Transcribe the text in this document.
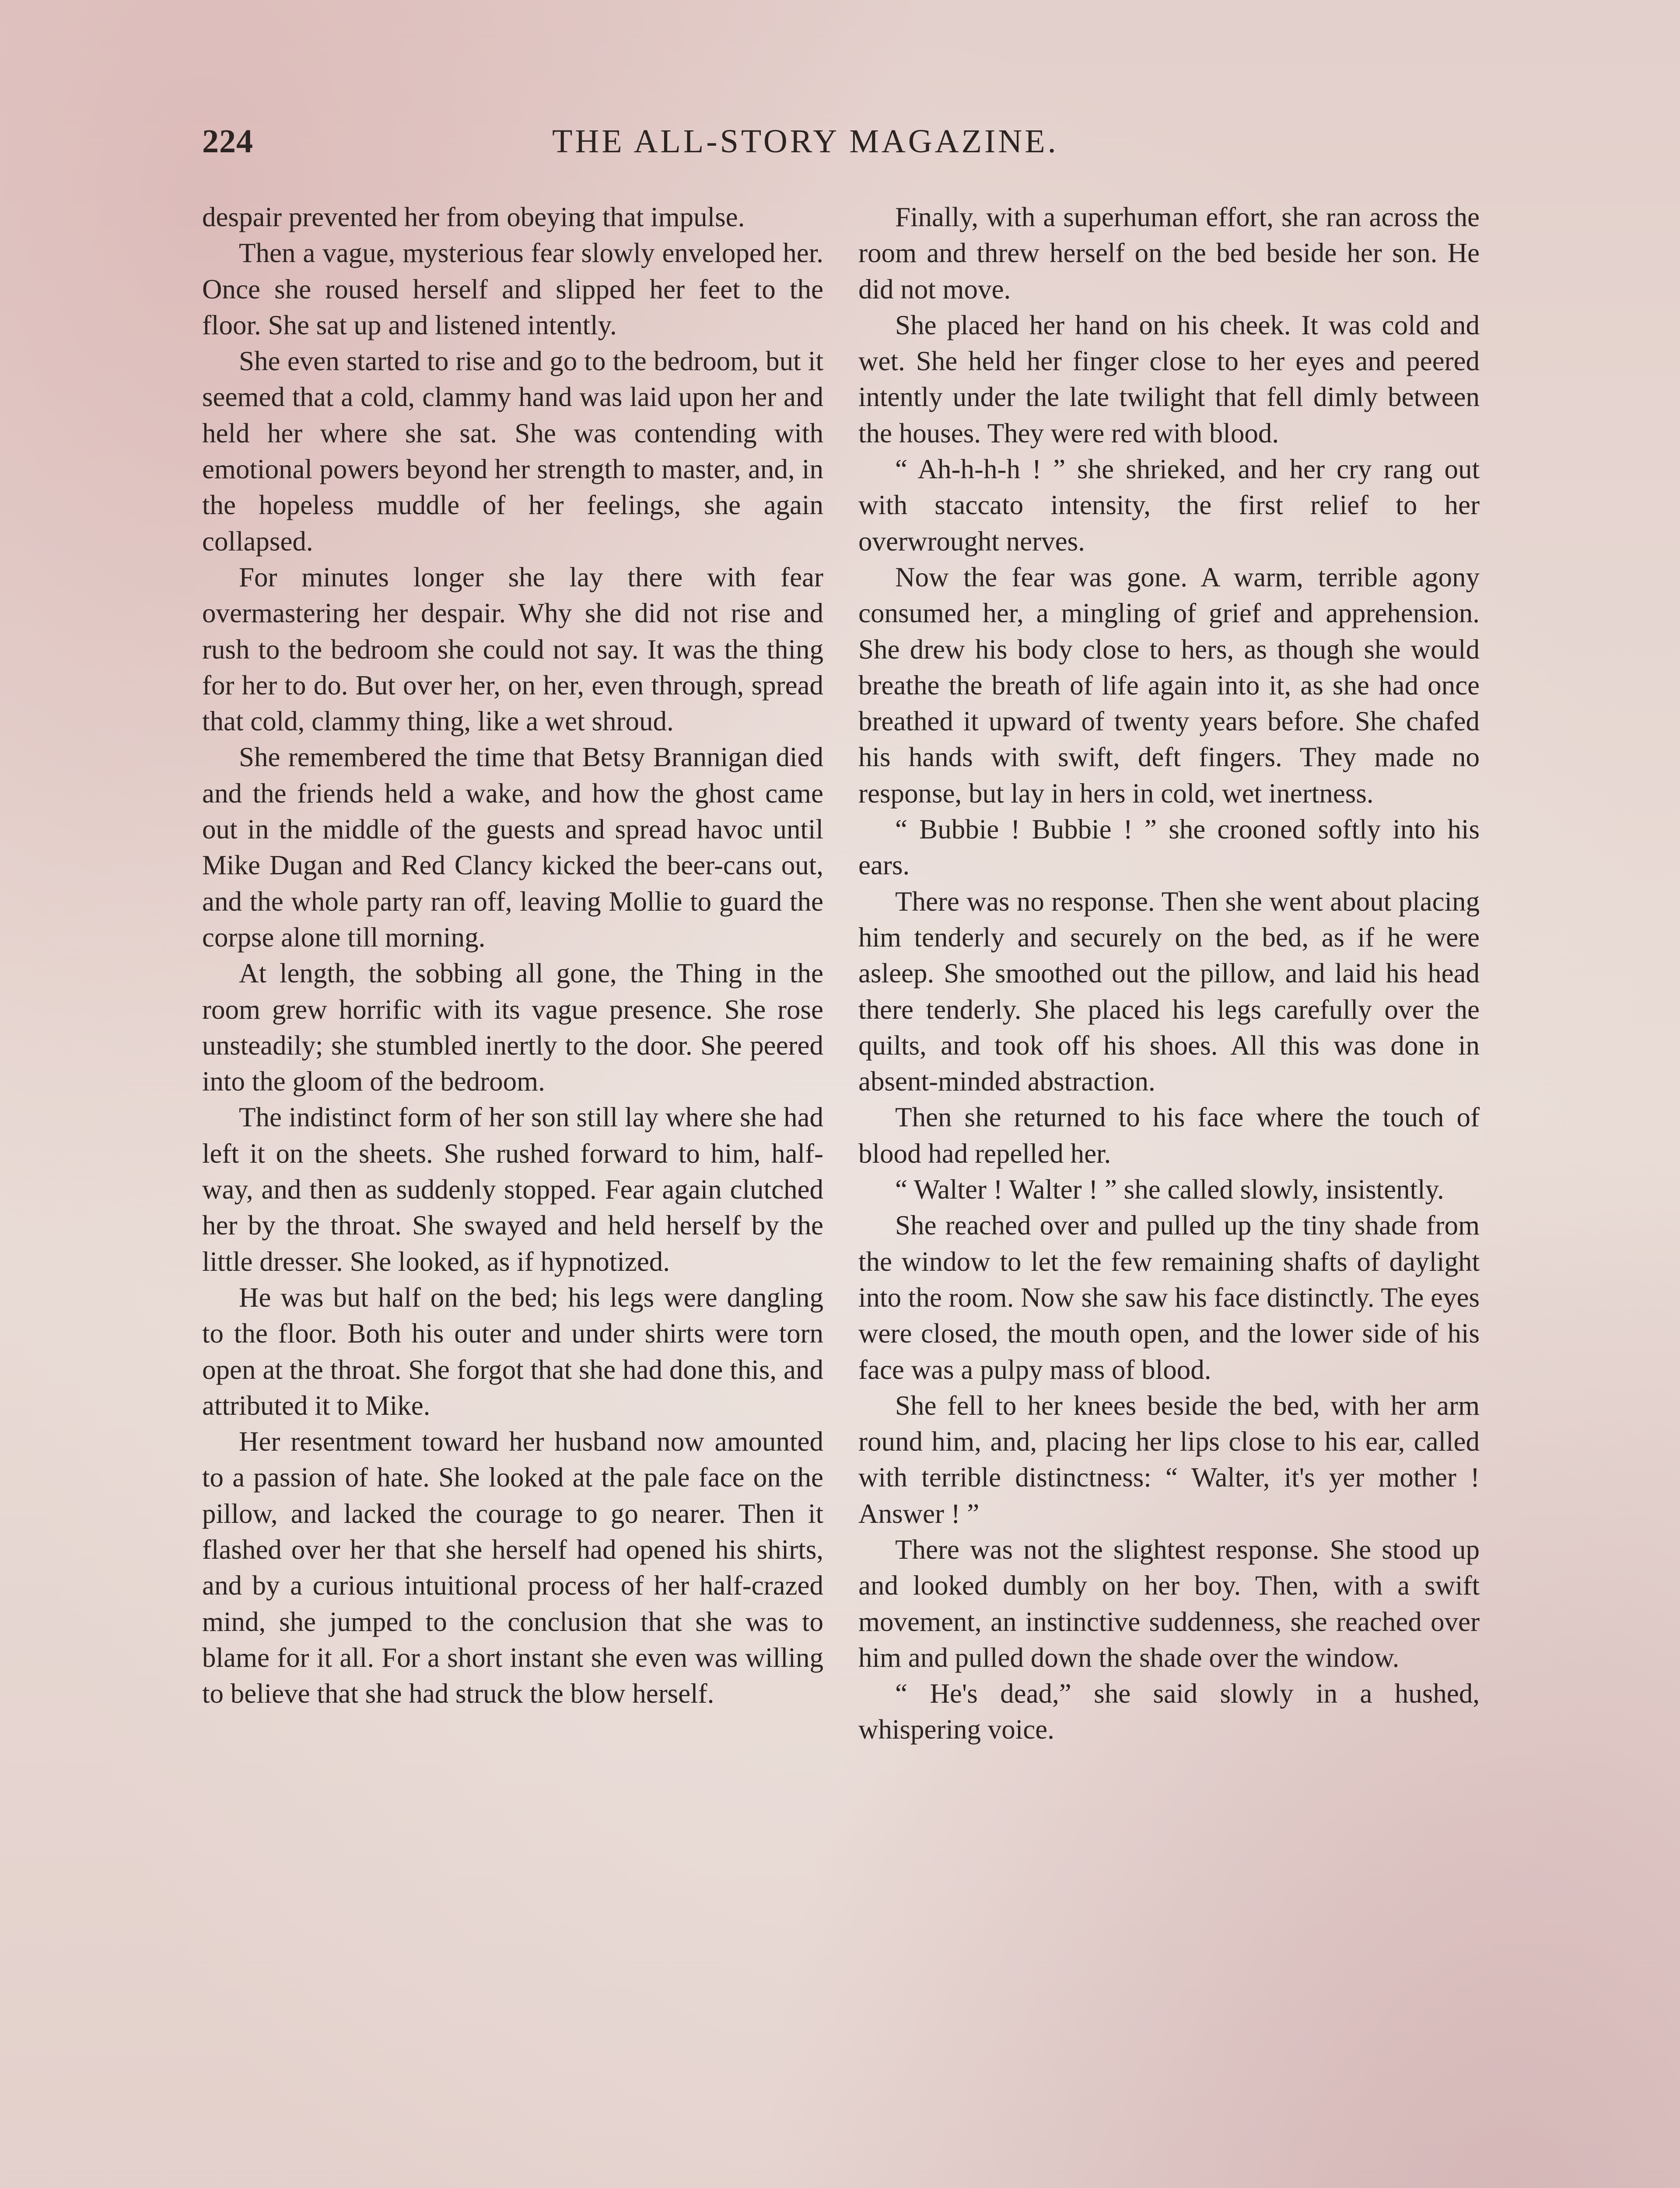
224	THE ALL-STORY MAGAZINE.

despair prevented her from obeying that impulse.

Then a vague, mysterious fear slowly enveloped her. Once she roused herself and slipped her feet to the floor. She sat up and listened intently.

She even started to rise and go to the bedroom, but it seemed that a cold, clammy hand was laid upon her and held her where she sat. She was contending with emotional powers beyond her strength to master, and, in the hopeless muddle of her feelings, she again collapsed.

For minutes longer she lay there with fear overmastering her despair. Why she did not rise and rush to the bedroom she could not say. It was the thing for her to do. But over her, on her, even through, spread that cold, clammy thing, like a wet shroud.

She remembered the time that Betsy Brannigan died and the friends held a wake, and how the ghost came out in the middle of the guests and spread havoc until Mike Dugan and Red Clancy kicked the beer-cans out, and the whole party ran off, leaving Mollie to guard the corpse alone till morning.

At length, the sobbing all gone, the Thing in the room grew horrific with its vague presence. She rose unsteadily; she stumbled inertly to the door. She peered into the gloom of the bedroom.

The indistinct form of her son still lay where she had left it on the sheets. She rushed forward to him, half-way, and then as suddenly stopped. Fear again clutched her by the throat. She swayed and held herself by the little dresser. She looked, as if hypnotized.

He was but half on the bed; his legs were dangling to the floor. Both his outer and under shirts were torn open at the throat. She forgot that she had done this, and attributed it to Mike.

Her resentment toward her husband now amounted to a passion of hate. She looked at the pale face on the pillow, and lacked the courage to go nearer. Then it flashed over her that she herself had opened his shirts, and by a curious intuitional process of her half-crazed mind, she jumped to the conclusion that she was to blame for it all. For a short instant she even was willing to believe that she had struck the blow herself.

Finally, with a superhuman effort, she ran across the room and threw herself on the bed beside her son. He did not move.

She placed her hand on his cheek. It was cold and wet. She held her finger close to her eyes and peered intently under the late twilight that fell dimly between the houses. They were red with blood.

“ Ah-h-h-h ! ” she shrieked, and her cry rang out with staccato intensity, the first relief to her overwrought nerves.

Now the fear was gone. A warm, terrible agony consumed her, a mingling of grief and apprehension. She drew his body close to hers, as though she would breathe the breath of life again into it, as she had once breathed it upward of twenty years before. She chafed his hands with swift, deft fingers. They made no response, but lay in hers in cold, wet inertness.

“ Bubbie ! Bubbie ! ” she crooned softly into his ears.

There was no response. Then she went about placing him tenderly and securely on the bed, as if he were asleep. She smoothed out the pillow, and laid his head there tenderly. She placed his legs carefully over the quilts, and took off his shoes. All this was done in absent-minded abstraction.

Then she returned to his face where the touch of blood had repelled her.

“ Walter ! Walter ! ” she called slowly, insistently.

She reached over and pulled up the tiny shade from the window to let the few remaining shafts of daylight into the room. Now she saw his face distinctly. The eyes were closed, the mouth open, and the lower side of his face was a pulpy mass of blood.

She fell to her knees beside the bed, with her arm round him, and, placing her lips close to his ear, called with terrible distinctness: “ Walter, it's yer mother ! Answer ! ”

There was not the slightest response. She stood up and looked dumbly on her boy. Then, with a swift movement, an instinctive suddenness, she reached over him and pulled down the shade over the window.

“ He's dead,” she said slowly in a hushed, whispering voice.
